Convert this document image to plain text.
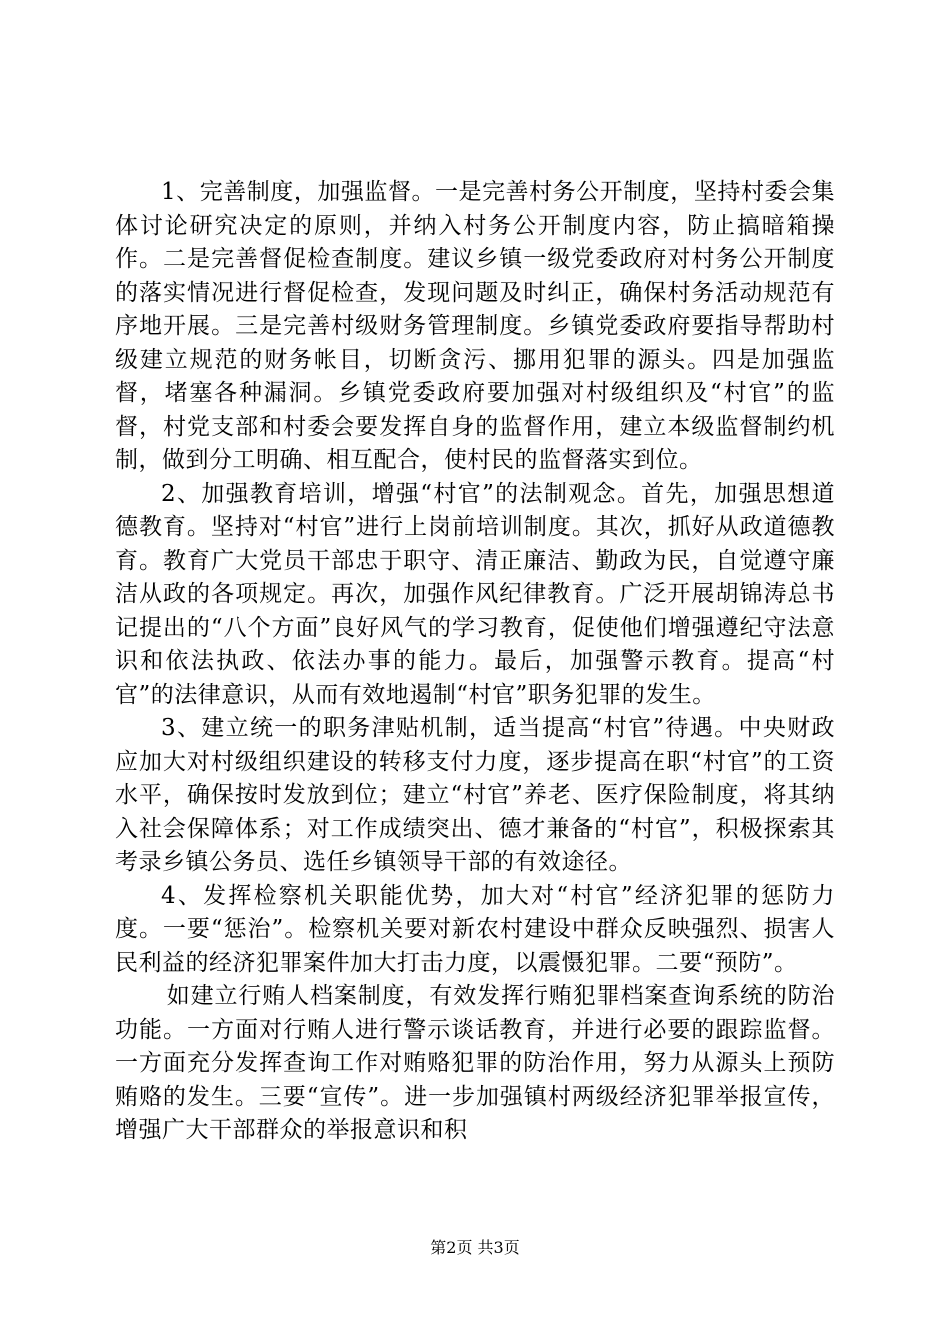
1、完善制度，加强监督。一是完善村务公开制度，坚持村委会集体讨论研究决定的原则，并纳入村务公开制度内容，防止搞暗箱操作。二是完善督促检查制度。建议乡镇一级党委政府对村务公开制度的落实情况进行督促检查，发现问题及时纠正，确保村务活动规范有序地开展。三是完善村级财务管理制度。乡镇党委政府要指导帮助村级建立规范的财务帐目，切断贪污、挪用犯罪的源头。四是加强监督，堵塞各种漏洞。乡镇党委政府要加强对村级组织及“村官”的监督，村党支部和村委会要发挥自身的监督作用，建立本级监督制约机制，做到分工明确、相互配合，使村民的监督落实到位。

2、加强教育培训，增强“村官”的法制观念。首先，加强思想道德教育。坚持对“村官”进行上岗前培训制度。其次，抓好从政道德教育。教育广大党员干部忠于职守、清正廉洁、勤政为民，自觉遵守廉洁从政的各项规定。再次，加强作风纪律教育。广泛开展胡锦涛总书记提出的“八个方面”良好风气的学习教育，促使他们增强遵纪守法意识和依法执政、依法办事的能力。最后，加强警示教育。提高“村官”的法律意识，从而有效地遏制“村官”职务犯罪的发生。

3、建立统一的职务津贴机制，适当提高“村官”待遇。中央财政应加大对村级组织建设的转移支付力度，逐步提高在职“村官”的工资水平，确保按时发放到位；建立“村官”养老、医疗保险制度，将其纳入社会保障体系；对工作成绩突出、德才兼备的“村官”，积极探索其考录乡镇公务员、选任乡镇领导干部的有效途径。

4、发挥检察机关职能优势，加大对“村官”经济犯罪的惩防力度。一要“惩治”。检察机关要对新农村建设中群众反映强烈、损害人民利益的经济犯罪案件加大打击力度，以震慑犯罪。二要“预防”。

如建立行贿人档案制度，有效发挥行贿犯罪档案查询系统的防治功能。一方面对行贿人进行警示谈话教育，并进行必要的跟踪监督。一方面充分发挥查询工作对贿赂犯罪的防治作用，努力从源头上预防贿赂的发生。三要“宣传”。进一步加强镇村两级经济犯罪举报宣传，增强广大干部群众的举报意识和积

第2页 共3页
